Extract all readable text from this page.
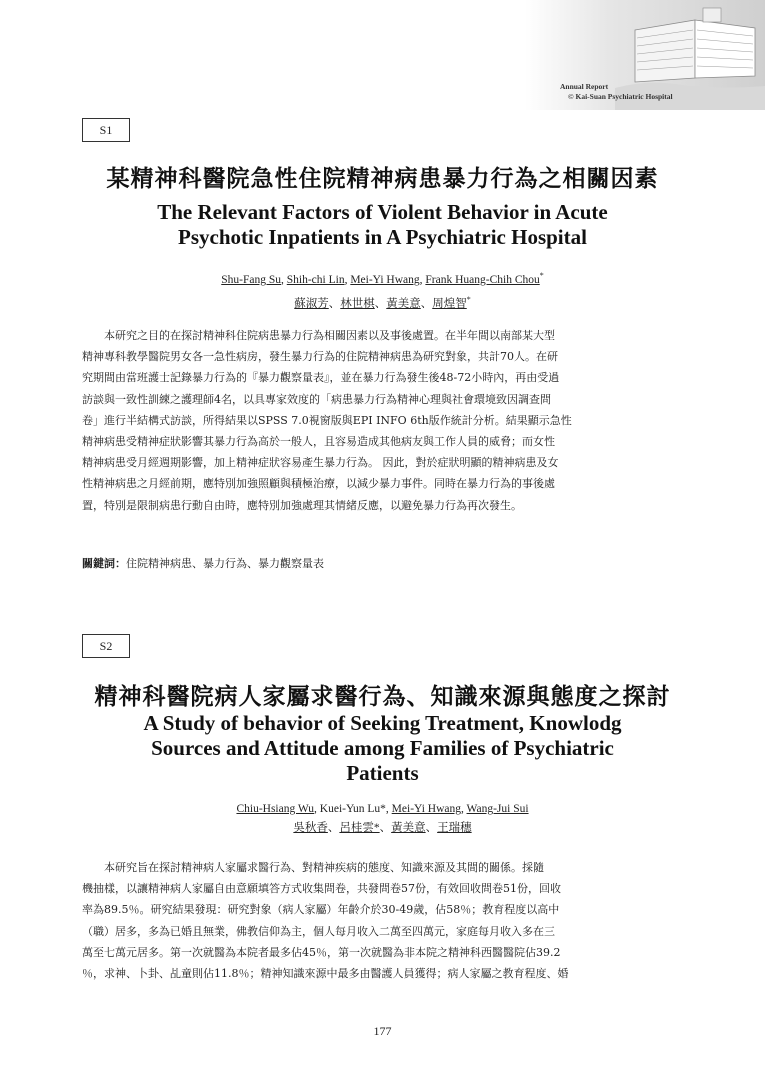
Annual Report
© Kai-Suan Psychiatric Hospital
S1
某精神科醫院急性住院精神病患暴力行為之相關因素
The Relevant Factors of Violent Behavior in Acute
Psychotic Inpatients in A Psychiatric Hospital
Shu-Fang Su, Shih-chi Lin, Mei-Yi Hwang, Frank Huang-Chih Chou*
蘇淑芳、林世棋、黃美意、周煌智*
　　本研究之目的在探討精神科住院病患暴力行為相關因素以及事後處置。在半年間以南部某大型
精神專科教學醫院男女各一急性病房，發生暴力行為的住院精神病患為研究對象，共計70人。在研
究期間由當班護士記錄暴力行為的『暴力觀察量表』，並在暴力行為發生後48-72小時內，再由受過
訪談與一致性訓練之護理師4名，以具專家效度的「病患暴力行為精神心理與社會環境致因調查問
卷」進行半結構式訪談，所得結果以SPSS 7.0視窗版與EPI INFO 6th版作統計分析。結果顯示急性
精神病患受精神症狀影響其暴力行為高於一般人，且容易造成其他病友與工作人員的威脅；而女性
精神病患受月經週期影響，加上精神症狀容易產生暴力行為。 因此，對於症狀明顯的精神病患及女
性精神病患之月經前期，應特別加強照顧與積極治療，以減少暴力事件。同時在暴力行為的事後處
置，特別是限制病患行動自由時，應特別加強處理其情緒反應，以避免暴力行為再次發生。
關鍵詞：住院精神病患、暴力行為、暴力觀察量表
S2
精神科醫院病人家屬求醫行為、知識來源與態度之探討
A Study of behavior of Seeking Treatment, Knowlodg
Sources and Attitude among Families of Psychiatric
Patients
Chiu-Hsiang Wu, Kuei-Yun Lu*, Mei-Yi Hwang, Wang-Jui Sui
吳秋香、呂桂雲*、黃美意、王瑞穗
　　本研究旨在探討精神病人家屬求醫行為、對精神疾病的態度、知識來源及其間的關係。採隨
機抽樣，以讓精神病人家屬自由意願填答方式收集問卷，共發問卷57份，有效回收問卷51份，回收
率為89.5％。研究結果發現：研究對象（病人家屬）年齡介於30-49歲，佔58％；教育程度以高中
（職）居多，多為已婚且無業，佛教信仰為主，個人每月收入二萬至四萬元，家庭每月收入多在三
萬至七萬元居多。第一次就醫為本院者最多佔45％，第一次就醫為非本院之精神科西醫醫院佔39.2
％，求神、卜卦、乩童則佔11.8％；精神知識來源中最多由醫護人員獲得；病人家屬之教育程度、婚
177
